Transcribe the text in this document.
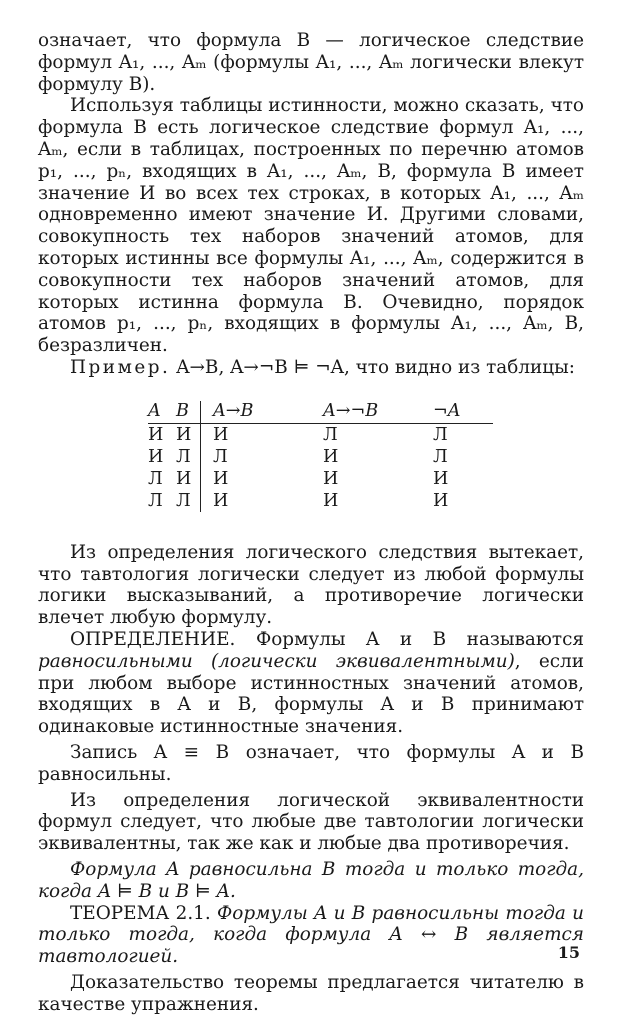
означает, что формула B — логическое следствие формул A₁, ..., Aₘ (формулы A₁, ..., Aₘ логически влекут формулу B).

Используя таблицы истинности, можно сказать, что формула B есть логическое следствие формул A₁, ..., Aₘ, если в таблицах, построенных по перечню атомов p₁, ..., pₙ, входящих в A₁, ..., Aₘ, B, формула B имеет значение И во всех тех строках, в которых A₁, ..., Aₘ одновременно имеют значение И. Другими словами, совокупность тех наборов значений атомов, для которых истинны все формулы A₁, ..., Aₘ, содержится в совокупности тех наборов значений атомов, для которых истинна формула B. Очевидно, порядок атомов p₁, ..., pₙ, входящих в формулы A₁, ..., Aₘ, B, безразличен.

Пример. A→B, A→¬B ⊨ ¬A, что видно из таблицы:

A	B	A→B	A→¬B	¬A
И	И	И	Л	Л
И	Л	Л	И	Л
Л	И	И	И	И
Л	Л	И	И	И

Из определения логического следствия вытекает, что тавтология логически следует из любой формулы логики высказываний, а противоречие логически влечет любую формулу.

ОПРЕДЕЛЕНИЕ. Формулы A и B называются равносильными (логически эквивалентными), если при любом выборе истинностных значений атомов, входящих в A и B, формулы A и B принимают одинаковые истинностные значения.

Запись A ≡ B означает, что формулы A и B равносильны.

Из определения логической эквивалентности формул следует, что любые две тавтологии логически эквивалентны, так же как и любые два противоречия.

Формула A равносильна B тогда и только тогда, когда A ⊨ B и B ⊨ A.

ТЕОРЕМА 2.1. Формулы A и B равносильны тогда и только тогда, когда формула A ↔ B является тавтологией.

Доказательство теоремы предлагается читателю в качестве упражнения.

15
